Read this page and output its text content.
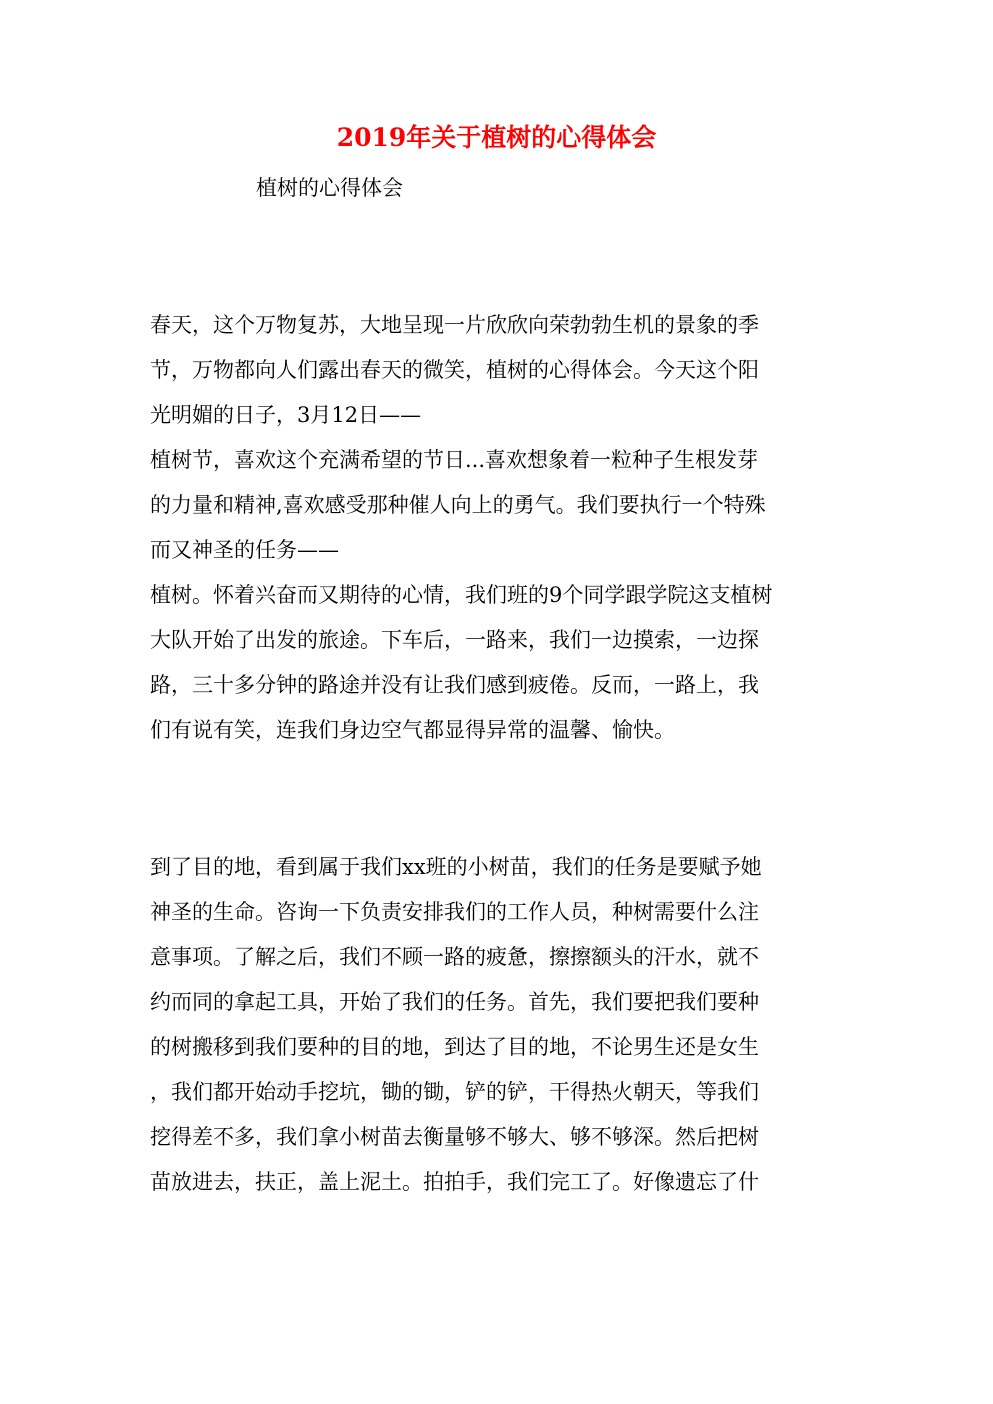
2019年关于植树的心得体会
植树的心得体会
春天，这个万物复苏，大地呈现一片欣欣向荣勃勃生机的景象的季
节，万物都向人们露出春天的微笑，植树的心得体会。今天这个阳
光明媚的日子，3月12日——
植树节，喜欢这个充满希望的节日...喜欢想象着一粒种子生根发芽
的力量和精神,喜欢感受那种催人向上的勇气。我们要执行一个特殊
而又神圣的任务——
植树。怀着兴奋而又期待的心情，我们班的9个同学跟学院这支植树
大队开始了出发的旅途。下车后，一路来，我们一边摸索，一边探
路，三十多分钟的路途并没有让我们感到疲倦。反而，一路上，我
们有说有笑，连我们身边空气都显得异常的温馨、愉快。
到了目的地，看到属于我们xx班的小树苗，我们的任务是要赋予她
神圣的生命。咨询一下负责安排我们的工作人员，种树需要什么注
意事项。了解之后，我们不顾一路的疲惫，擦擦额头的汗水，就不
约而同的拿起工具，开始了我们的任务。首先，我们要把我们要种
的树搬移到我们要种的目的地，到达了目的地，不论男生还是女生
，我们都开始动手挖坑，锄的锄，铲的铲，干得热火朝天，等我们
挖得差不多，我们拿小树苗去衡量够不够大、够不够深。然后把树
苗放进去，扶正，盖上泥土。拍拍手，我们完工了。好像遗忘了什
